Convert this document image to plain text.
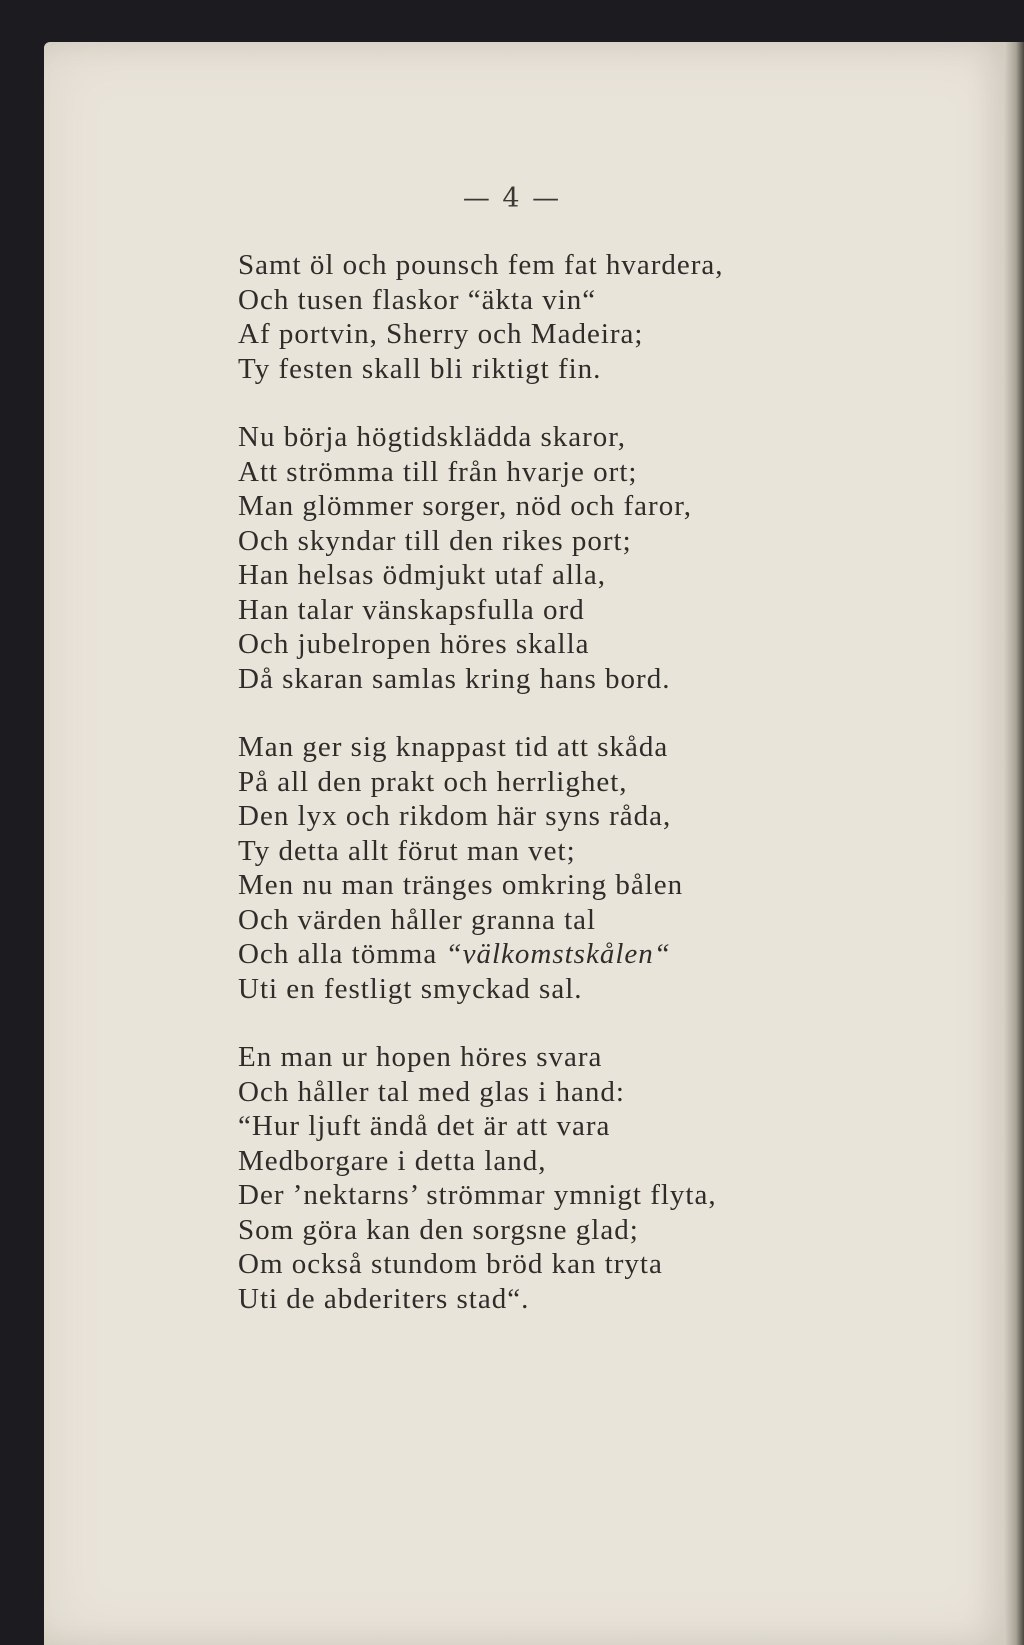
— 4 —
Samt öl och pounsch fem fat hvardera,
Och tusen flaskor “äkta vin“
Af portvin, Sherry och Madeira;
Ty festen skall bli riktigt fin.
Nu börja högtidsklädda skaror,
Att strömma till från hvarje ort;
Man glömmer sorger, nöd och faror,
Och skyndar till den rikes port;
Han helsas ödmjukt utaf alla,
Han talar vänskapsfulla ord
Och jubelropen höres skalla
Då skaran samlas kring hans bord.
Man ger sig knappast tid att skåda
På all den prakt och herrlighet,
Den lyx och rikdom här syns råda,
Ty detta allt förut man vet;
Men nu man tränges omkring bålen
Och värden håller granna tal
Och alla tömma “välkomstskålen“
Uti en festligt smyckad sal.
En man ur hopen höres svara
Och håller tal med glas i hand:
“Hur ljuft ändå det är att vara
Medborgare i detta land,
Der ’nektarns’ strömmar ymnigt flyta,
Som göra kan den sorgsne glad;
Om också stundom bröd kan tryta
Uti de abderiters stad“.
